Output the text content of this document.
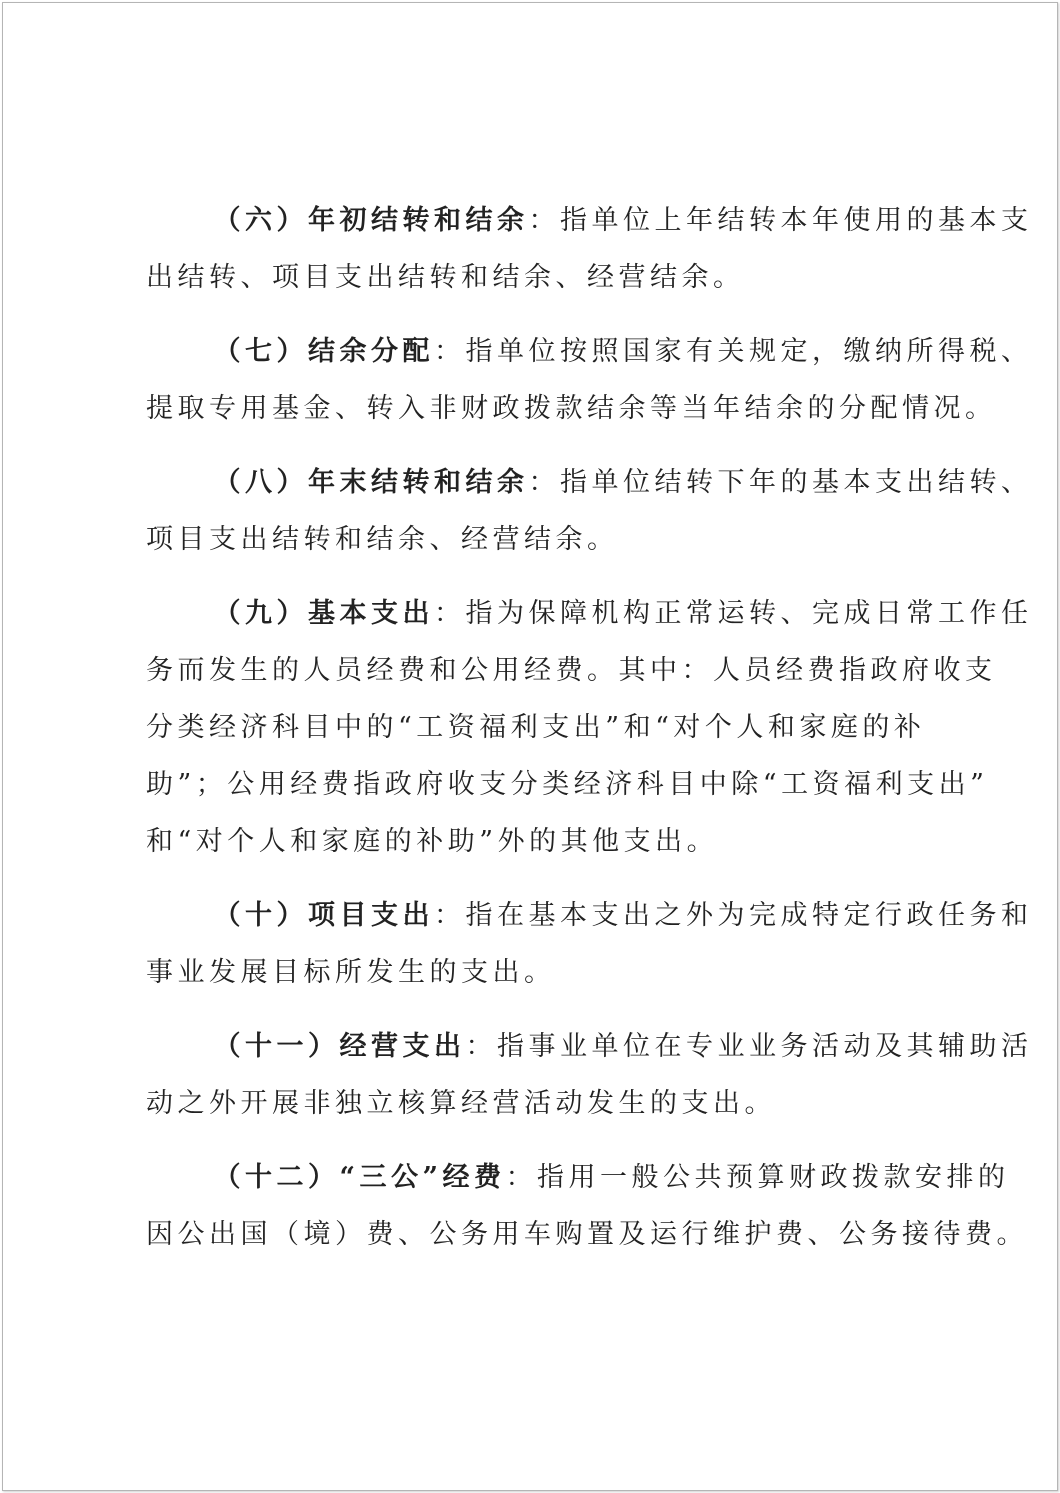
（六）年初结转和结余：指单位上年结转本年使用的基本支
出结转、项目支出结转和结余、经营结余。

（七）结余分配：指单位按照国家有关规定，缴纳所得税、
提取专用基金、转入非财政拨款结余等当年结余的分配情况。

（八）年末结转和结余：指单位结转下年的基本支出结转、
项目支出结转和结余、经营结余。

（九）基本支出：指为保障机构正常运转、完成日常工作任
务而发生的人员经费和公用经费。其中：人员经费指政府收支
分类经济科目中的“工资福利支出”和“对个人和家庭的补
助”；公用经费指政府收支分类经济科目中除“工资福利支出”
和“对个人和家庭的补助”外的其他支出。

（十）项目支出：指在基本支出之外为完成特定行政任务和
事业发展目标所发生的支出。

（十一）经营支出：指事业单位在专业业务活动及其辅助活
动之外开展非独立核算经营活动发生的支出。

（十二）“三公”经费：指用一般公共预算财政拨款安排的
因公出国（境）费、公务用车购置及运行维护费、公务接待费。
